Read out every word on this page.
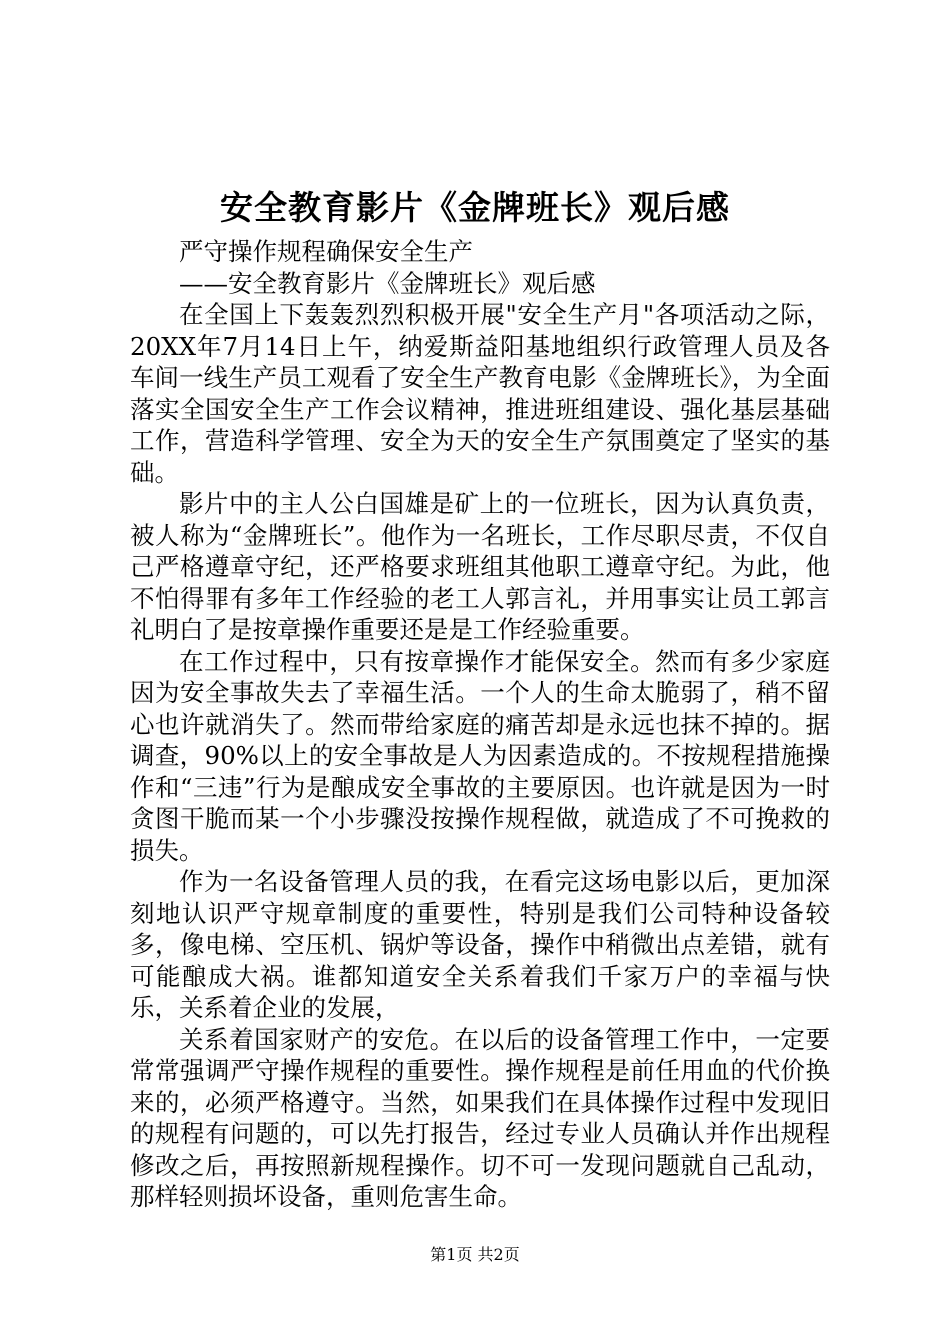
安全教育影片《金牌班长》观后感

严守操作规程确保安全生产

——安全教育影片《金牌班长》观后感

在全国上下轰轰烈烈积极开展"安全生产月"各项活动之际，20XX年7月14日上午，纳爱斯益阳基地组织行政管理人员及各车间一线生产员工观看了安全生产教育电影《金牌班长》，为全面落实全国安全生产工作会议精神，推进班组建设、强化基层基础工作，营造科学管理、安全为天的安全生产氛围奠定了坚实的基础。

影片中的主人公白国雄是矿上的一位班长，因为认真负责，被人称为“金牌班长”。他作为一名班长，工作尽职尽责，不仅自己严格遵章守纪，还严格要求班组其他职工遵章守纪。为此，他不怕得罪有多年工作经验的老工人郭言礼，并用事实让员工郭言礼明白了是按章操作重要还是是工作经验重要。

在工作过程中，只有按章操作才能保安全。然而有多少家庭因为安全事故失去了幸福生活。一个人的生命太脆弱了，稍不留心也许就消失了。然而带给家庭的痛苦却是永远也抹不掉的。据调查，90%以上的安全事故是人为因素造成的。不按规程措施操作和“三违”行为是酿成安全事故的主要原因。也许就是因为一时贪图干脆而某一个小步骤没按操作规程做，就造成了不可挽救的损失。

作为一名设备管理人员的我，在看完这场电影以后，更加深刻地认识严守规章制度的重要性，特别是我们公司特种设备较多，像电梯、空压机、锅炉等设备，操作中稍微出点差错，就有可能酿成大祸。谁都知道安全关系着我们千家万户的幸福与快乐，关系着企业的发展，

关系着国家财产的安危。在以后的设备管理工作中，一定要常常强调严守操作规程的重要性。操作规程是前任用血的代价换来的，必须严格遵守。当然，如果我们在具体操作过程中发现旧的规程有问题的，可以先打报告，经过专业人员确认并作出规程修改之后，再按照新规程操作。切不可一发现问题就自己乱动，那样轻则损坏设备，重则危害生命。

第1页 共2页
